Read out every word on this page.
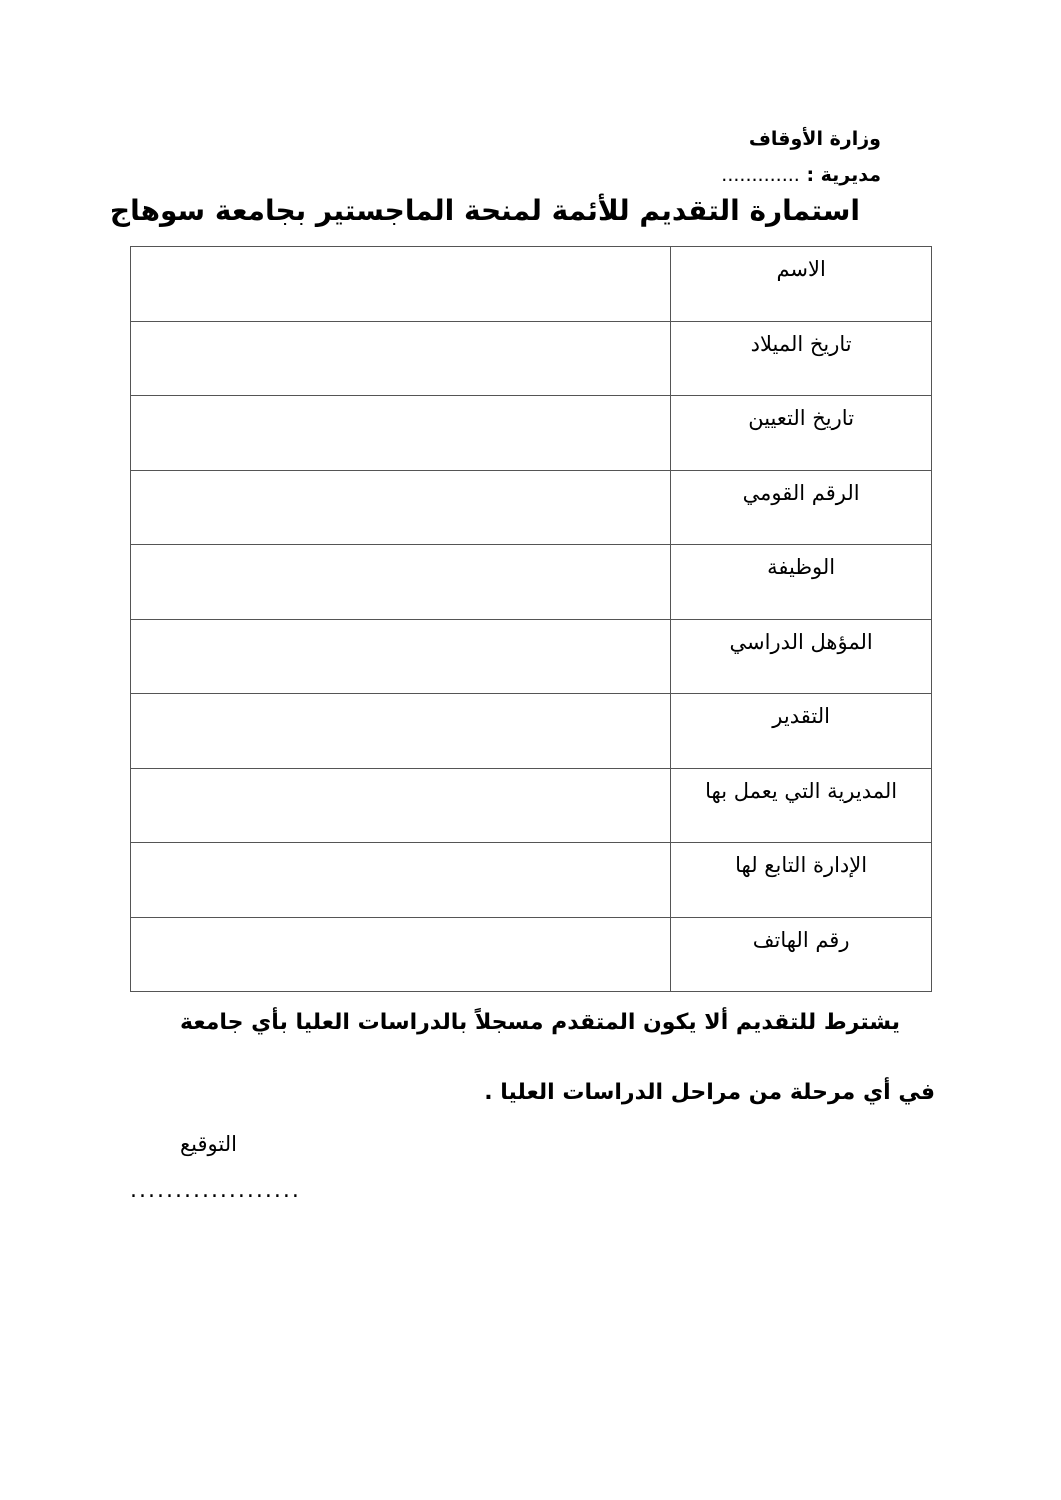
وزارة الأوقاف
مديرية : .............
استمارة التقديم للأئمة لمنحة الماجستير بجامعة سوهاج
الاسم	
تاريخ الميلاد	
تاريخ التعيين	
الرقم القومي	
الوظيفة	
المؤهل الدراسي	
التقدير	
المديرية التي يعمل بها	
الإدارة التابع لها	
رقم الهاتف	
يشترط للتقديم ألا يكون المتقدم مسجلاً بالدراسات العليا بأي جامعة
في أي مرحلة من مراحل الدراسات العليا .
التوقيع
...................
